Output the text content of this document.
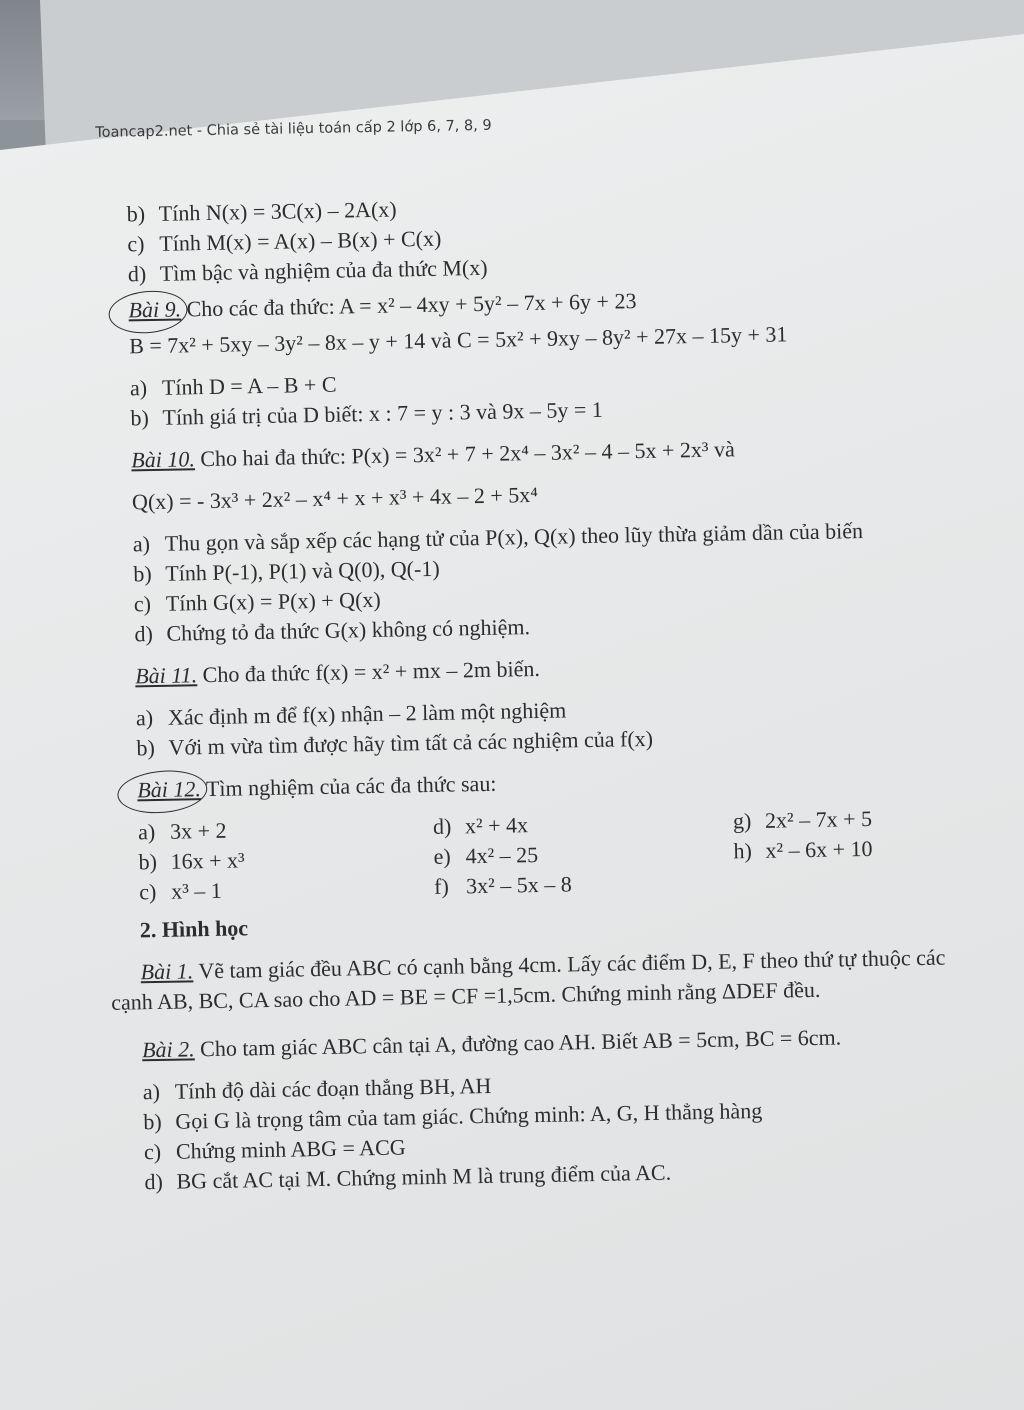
Toancap2.net - Chia sẻ tài liệu toán cấp 2 lớp 6, 7, 8, 9

b) Tính N(x) = 3C(x) – 2A(x)

c) Tính M(x) = A(x) – B(x) + C(x)

d) Tìm bậc và nghiệm của đa thức M(x)

Bài 9. Cho các đa thức: A = x² – 4xy + 5y² – 7x + 6y + 23

B = 7x² + 5xy – 3y² – 8x – y + 14 và C = 5x² + 9xy – 8y² + 27x – 15y + 31

a) Tính D = A – B + C

b) Tính giá trị của D biết: x : 7 = y : 3 và 9x – 5y = 1

Bài 10. Cho hai đa thức: P(x) = 3x² + 7 + 2x⁴ – 3x² – 4 – 5x + 2x³ và

Q(x) = - 3x³ + 2x² – x⁴ + x + x³ + 4x – 2 + 5x⁴

a) Thu gọn và sắp xếp các hạng tử của P(x), Q(x) theo lũy thừa giảm dần của biến

b) Tính P(-1), P(1) và Q(0), Q(-1)

c) Tính G(x) = P(x) + Q(x)

d) Chứng tỏ đa thức G(x) không có nghiệm.

Bài 11. Cho đa thức f(x) = x² + mx – 2m biến.

a) Xác định m để f(x) nhận – 2 làm một nghiệm

b) Với m vừa tìm được hãy tìm tất cả các nghiệm của f(x)

Bài 12. Tìm nghiệm của các đa thức sau:

a) 3x + 2

b) 16x + x³

c) x³ – 1

d) x² + 4x

e) 4x² – 25

f) 3x² – 5x – 8

g) 2x² – 7x + 5

h) x² – 6x + 10

2. Hình học

Bài 1. Vẽ tam giác đều ABC có cạnh bằng 4cm. Lấy các điểm D, E, F theo thứ tự thuộc các cạnh AB, BC, CA sao cho AD = BE = CF =1,5cm. Chứng minh rằng ΔDEF đều.

Bài 2. Cho tam giác ABC cân tại A, đường cao AH. Biết AB = 5cm, BC = 6cm.

a) Tính độ dài các đoạn thẳng BH, AH

b) Gọi G là trọng tâm của tam giác. Chứng minh: A, G, H thẳng hàng

c) Chứng minh ABG = ACG

d) BG cắt AC tại M. Chứng minh M là trung điểm của AC.
